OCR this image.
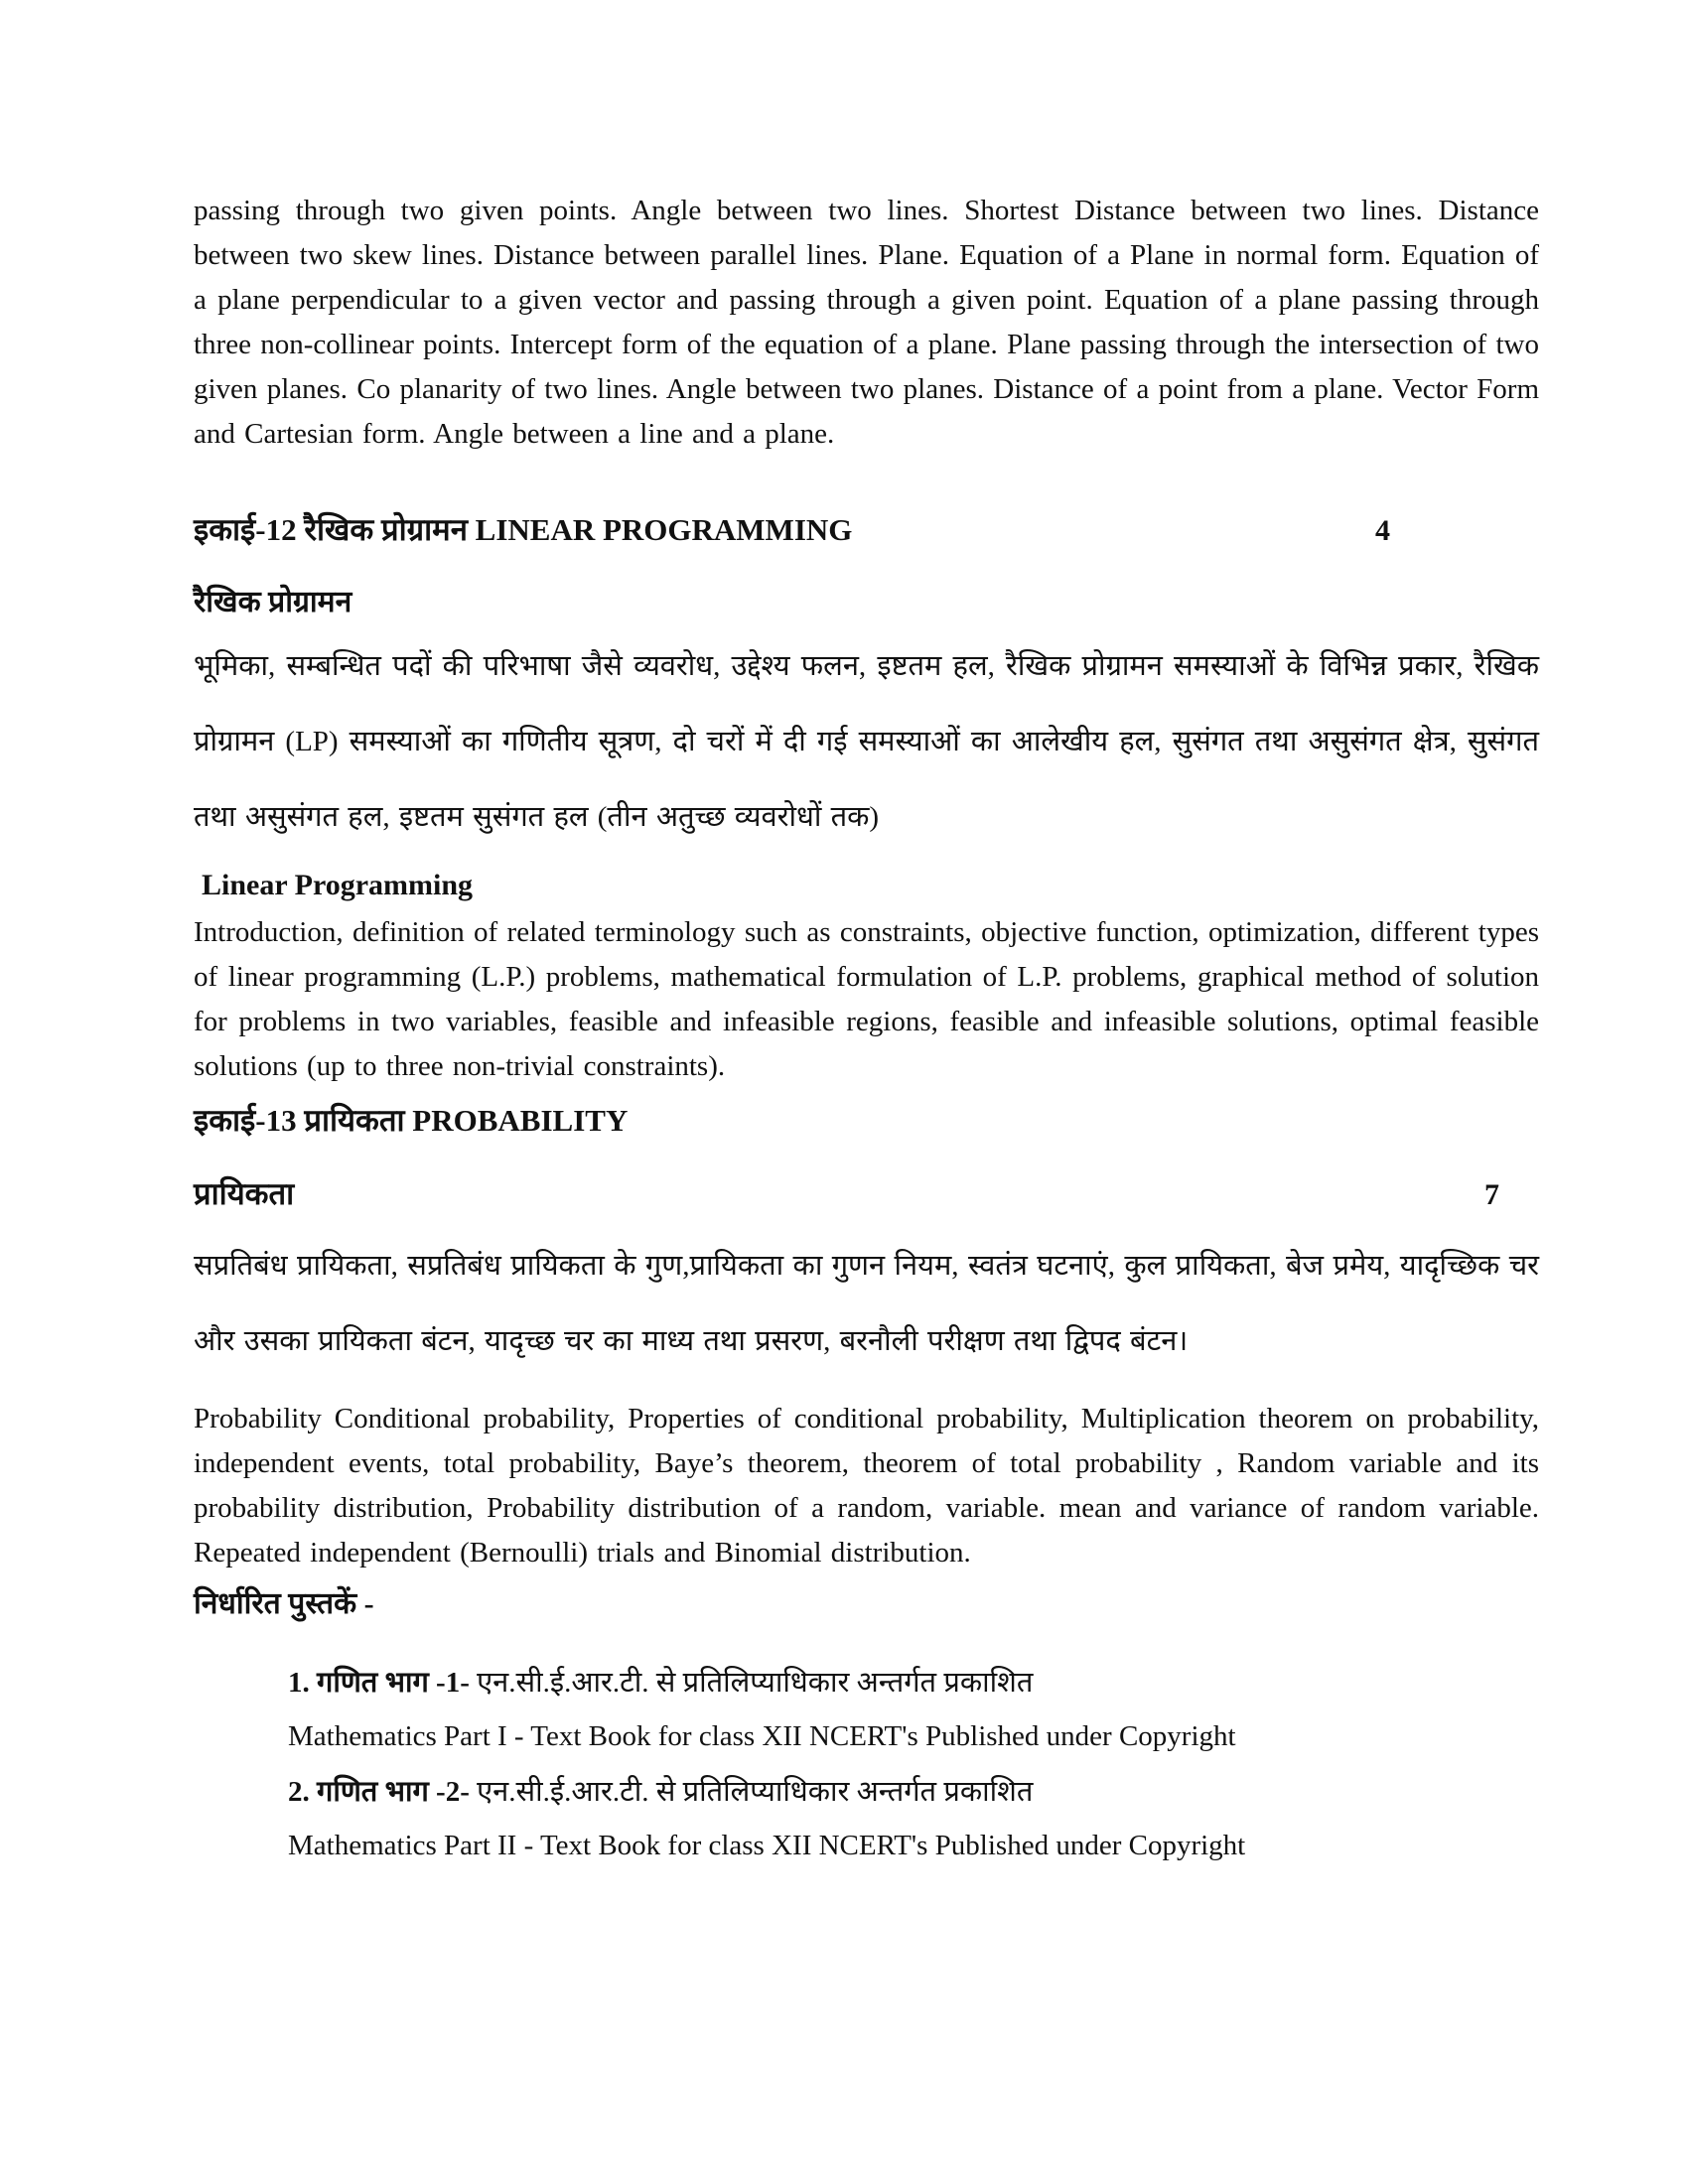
passing through two given points. Angle between two lines. Shortest Distance between two lines. Distance between two skew lines. Distance between parallel lines. Plane. Equation of a Plane in normal form. Equation of a plane perpendicular to a given vector and passing through a given point. Equation of a plane passing through three non-collinear points. Intercept form of the equation of a plane. Plane passing through the intersection of two given planes. Co planarity of two lines. Angle between two planes. Distance of a point from a plane. Vector Form and Cartesian form. Angle between a line and a plane.

इकाई-12 रैखिक प्रोग्रामन LINEAR PROGRAMMING	4
रैखिक प्रोग्रामन

भूमिका, सम्बन्धित पदों की परिभाषा जैसे व्यवरोध, उद्देश्य फलन, इष्टतम हल, रैखिक प्रोग्रामन समस्याओं के विभिन्न प्रकार, रैखिक प्रोग्रामन (LP) समस्याओं का गणितीय सूत्रण, दो चरों में दी गई समस्याओं का आलेखीय हल, सुसंगत तथा असुसंगत क्षेत्र, सुसंगत तथा असुसंगत हल, इष्टतम सुसंगत हल (तीन अतुच्छ व्यवरोधों तक)

Linear Programming

Introduction, definition of related terminology such as constraints, objective function, optimization, different types of linear programming (L.P.) problems, mathematical formulation of L.P. problems, graphical method of solution for problems in two variables, feasible and infeasible regions, feasible and infeasible solutions, optimal feasible solutions (up to three non-trivial constraints).

इकाई-13 प्रायिकता PROBABILITY
प्रायिकता	7

सप्रतिबंध प्रायिकता, सप्रतिबंध प्रायिकता के गुण,प्रायिकता का गुणन नियम, स्वतंत्र घटनाएं, कुल प्रायिकता, बेज प्रमेय, यादृच्छिक चर और उसका प्रायिकता बंटन, यादृच्छ चर का माध्य तथा प्रसरण, बरनौली परीक्षण तथा द्विपद बंटन।

Probability Conditional probability, Properties of conditional probability, Multiplication theorem on probability, independent events, total probability, Baye’s theorem, theorem of total probability , Random variable and its probability distribution, Probability distribution of a random, variable. mean and variance of random variable. Repeated independent (Bernoulli) trials and Binomial distribution.

निर्धारित पुस्तकें -
1. गणित भाग -1- एन.सी.ई.आर.टी. से प्रतिलिप्याधिकार अन्तर्गत प्रकाशित
Mathematics Part I - Text Book for class XII NCERT's Published under Copyright
2. गणित भाग -2- एन.सी.ई.आर.टी. से प्रतिलिप्याधिकार अन्तर्गत प्रकाशित
Mathematics Part II - Text Book for class XII NCERT's Published under Copyright
